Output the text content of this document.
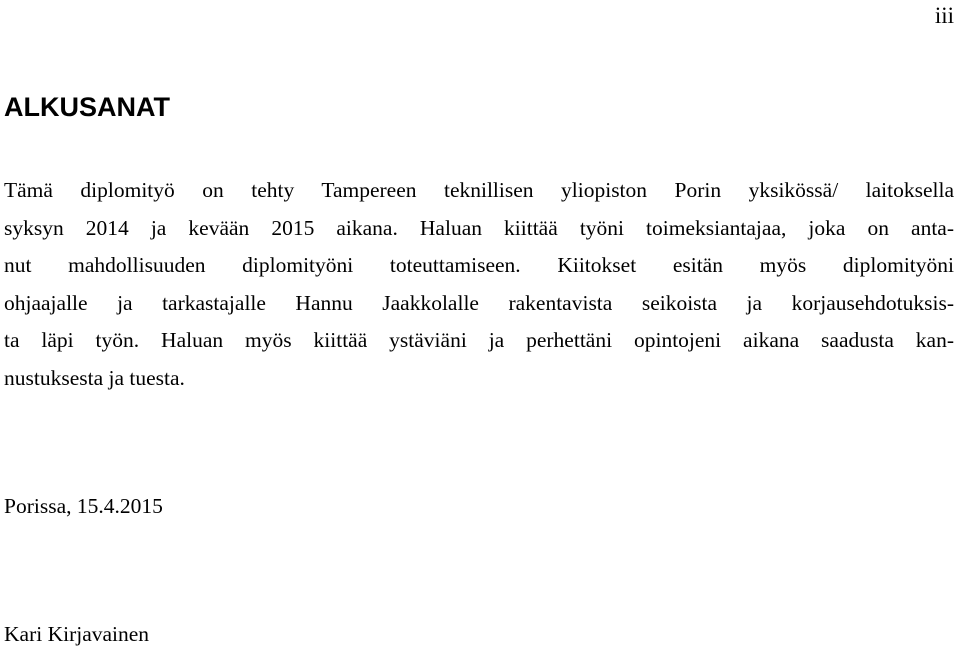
iii
ALKUSANAT
Tämä diplomityö on tehty Tampereen teknillisen yliopiston Porin yksikössä/ laitoksella
syksyn 2014 ja kevään 2015 aikana. Haluan kiittää työni toimeksiantajaa, joka on anta-
nut mahdollisuuden diplomityöni toteuttamiseen. Kiitokset esitän myös diplomityöni
ohjaajalle ja tarkastajalle Hannu Jaakkolalle rakentavista seikoista ja korjausehdotuksis-
ta läpi työn. Haluan myös kiittää ystäviäni ja perhettäni opintojeni aikana saadusta kan-
nustuksesta ja tuesta.

Porissa, 15.4.2015

Kari Kirjavainen
